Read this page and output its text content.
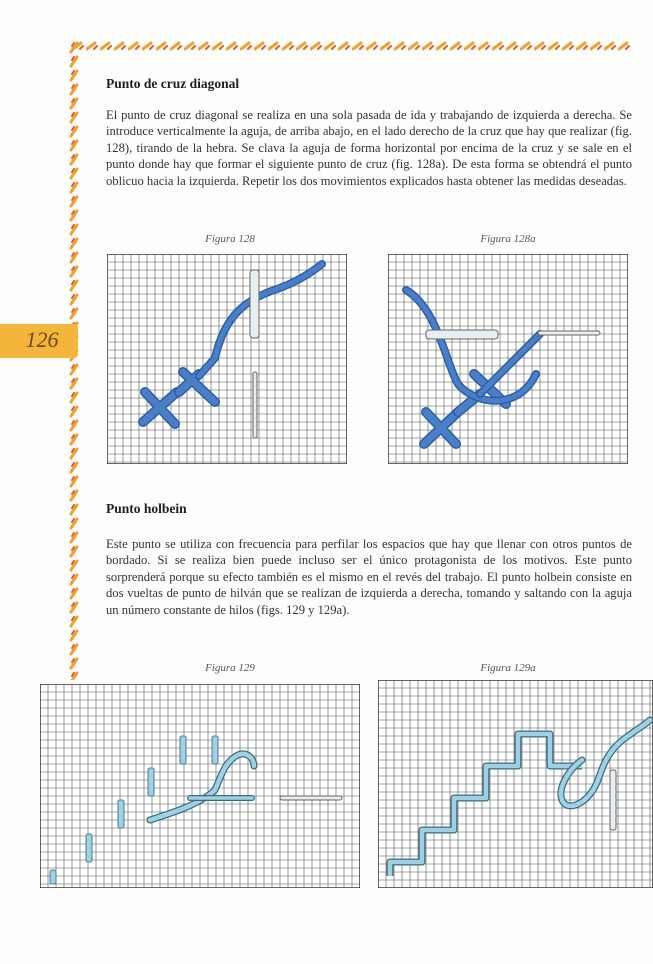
126
Punto de cruz diagonal

El punto de cruz diagonal se realiza en una sola pasada de ida y trabajando de izquierda a derecha. Se introduce verticalmente la aguja, de arriba abajo, en el lado derecho de la cruz que hay que realizar (fig. 128), tirando de la hebra. Se clava la aguja de forma horizontal por encima de la cruz y se sale en el punto donde hay que formar el siguiente punto de cruz (fig. 128a). De esta forma se obtendrá el punto oblicuo hacia la izquierda. Repetir los dos movimientos explicados hasta obtener las medidas deseadas.

Figura 128	Figura 128a
Punto holbein

Este punto se utiliza con frecuencia para perfilar los espacios que hay que llenar con otros puntos de bordado. Si se realiza bien puede incluso ser el único protagonista de los motivos. Este punto sorprenderá porque su efecto también es el mismo en el revés del trabajo. El punto holbein consiste en dos vueltas de punto de hilván que se realizan de izquierda a derecha, tomando y saltando con la aguja un número constante de hilos (figs. 129 y 129a).

Figura 129	Figura 129a
